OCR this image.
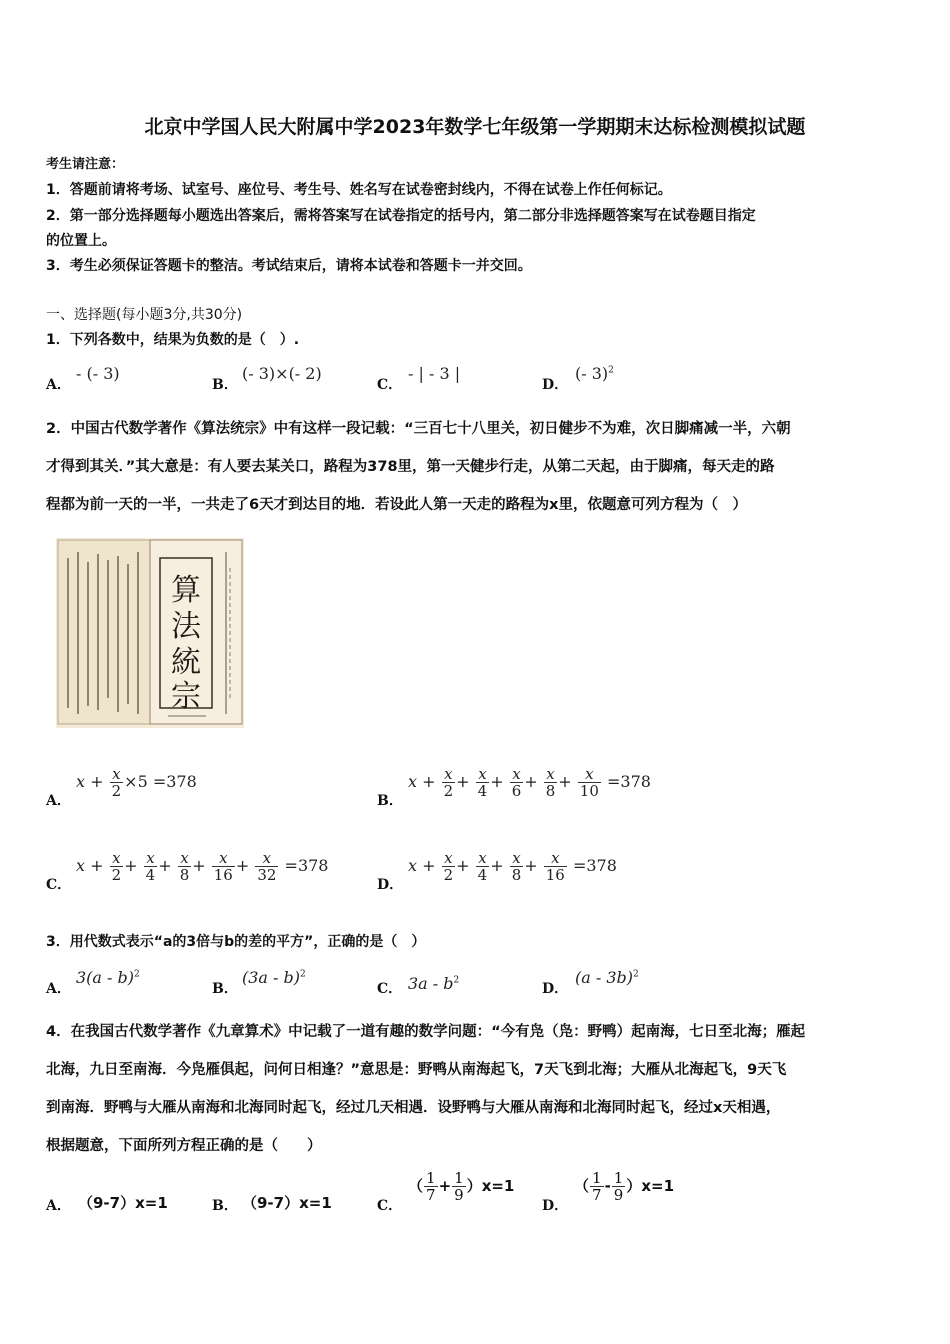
北京中学国人民大附属中学2023年数学七年级第一学期期末达标检测模拟试题
考生请注意：
1．答题前请将考场、试室号、座位号、考生号、姓名写在试卷密封线内，不得在试卷上作任何标记。
2．第一部分选择题每小题选出答案后，需将答案写在试卷指定的括号内，第二部分非选择题答案写在试卷题目指定
的位置上。
3．考生必须保证答题卡的整洁。考试结束后，请将本试卷和答题卡一并交回。
一、选择题(每小题3分,共30分)
1．下列各数中，结果为负数的是（　）.
A．
- (- 3)
B．
(- 3)×(- 2)
C．
- | - 3 |
D．
(- 3)$^2$
2．中国古代数学著作《算法统宗》中有这样一段记载：“三百七十八里关，初日健步不为难，次日脚痛减一半，六朝
才得到其关．”其大意是：有人要去某关口，路程为378里，第一天健步行走，从第二天起，由于脚痛，每天走的路
程都为前一天的一半，一共走了6天才到达目的地．若设此人第一天走的路程为x里，依题意可列方程为（　）
算
法
統
宗
A．
$x + \frac{x}{2} \times 5 =378$
B．
$x + \frac{x}{2} + \frac{x}{4} + \frac{x}{6} + \frac{x}{8} + \frac{x}{10} =378$
C．
$x + \frac{x}{2} + \frac{x}{4} + \frac{x}{8} + \frac{x}{16} + \frac{x}{32} =378$
D．
$x + \frac{x}{2} + \frac{x}{4} + \frac{x}{8} + \frac{x}{16} =378$
3．用代数式表示“a的3倍与b的差的平方”，正确的是（　）
A．
3(a - b)$^2$
B．
(3a - b)$^2$
C． $3a - b^2$
D．
(a - 3b)$^2$
4．在我国古代数学著作《九章算术》中记载了一道有趣的数学问题：“今有凫（凫：野鸭）起南海，七日至北海；雁起
北海，九日至南海．今凫雁俱起，问何日相逢？”意思是：野鸭从南海起飞，7天飞到北海；大雁从北海起飞，9天飞
到南海．野鸭与大雁从南海和北海同时起飞，经过几天相遇．设野鸭与大雁从南海和北海同时起飞，经过x天相遇，
根据题意，下面所列方程正确的是（　　）
A． （9-7）x=1	B． （9-7）x=1	C．
（ $\frac{1}{7} + \frac{1}{9} )x=1$
D．
（ $\frac{1}{7} - \frac{1}{9} )x=1$
